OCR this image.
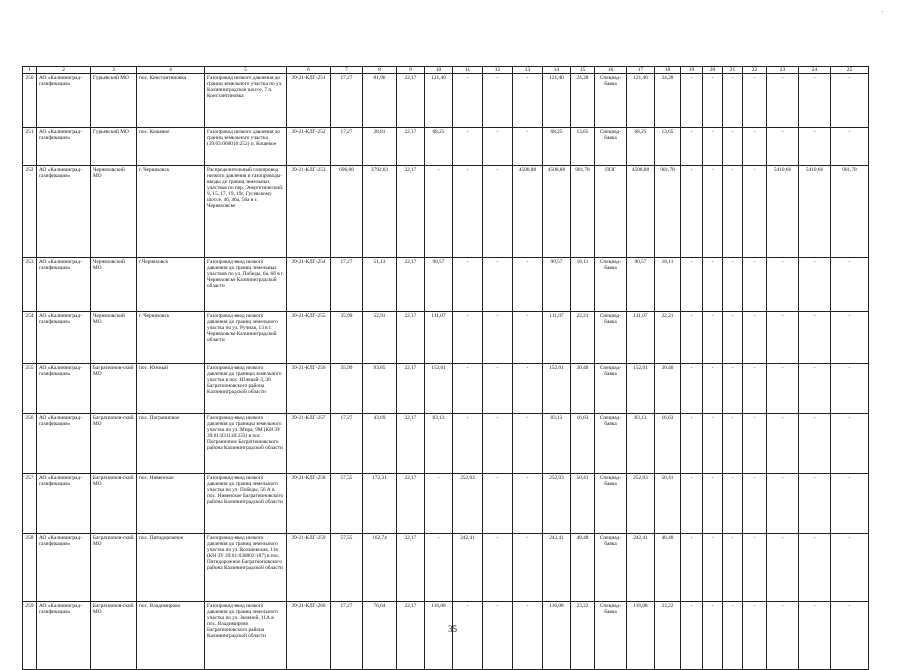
.
1	2	3	4	5	6	7	8	9	10	11	12	13	14	15	16	17	18	19	20	21	22	23	24	25
250	АО «Калининград-газификация»	Гурьевский МО	пос. Константиновка	Газопровод низкого давления до границ земельного участка по ул. Калининградское шоссе, 7 п. Константиновка	39-21-КЛГ-251	17,27	81,96	22,17	121,40	-	-	-	121,40	24,28	Специад-бавка	121,40	24,28	-	-	-	-	-	-	-
251	АО «Калининград-газификация»	Гурьевский МО	пос. Кошевое	Газопровод низкого давления до границ земельного участка (39:03:060016:252) п. Кошевое	39-21-КЛГ-252	17,27	28,81	22,17	68,25	-	-	-	68,25	13,65	Специад-бавка	68,25	13,65	-	-	-	-	-	-	-
252	АО «Калининград-газификация»	Черняховский МО	г. Черняховск	Распределительный газопровод низкого давления и газопроводы-вводы до границ земельных участков по пер. Энергетический, 9, 15, 17, 19, 19г, Гусевскому шоссе, 46, 46а, 56а в г. Черняховске	39-21-КЛГ-253	696,68	3792,03	22,17	-	-	-	4508,88	4508,88	901,78	ПОГ	4508,88	901,78	-	-	-	-	5410,66	5410,66	901,78
253	АО «Калининград-газификация»	Черняховский МО	г.Черняховск	Газопровод-ввод низкого давления до границ земельных участков по ул. Победы, 6а, 6б в г. Черняховске Калининградской области	39-21-КЛГ-254	17,27	51,13	22,17	90,57	-	-	-	90,57	18,11	Специад-бавка	90,57	18,11	-	-	-	-	-	-	-
254	АО «Калининград-газификация»	Черняховский МО	г. Черняховск	Газопровод-ввод низкого давления до границ земельного участка по ул. Ручная, 13 в г. Черняховске Калининградской области	39-21-КЛГ-255	35,99	52,91	22,17	111,07	-	-	-	111,07	22,21	Специад-бавка	111,07	22,21	-	-	-	-	-	-	-
255	АО «Калининград-газификация»	Багратионов-ский МО	пос. Южный	Газопровод-ввод низкого давления до границы земельного участка в пос. Южный-3, 30 Багратионовского района Калининградской области	39-21-КЛГ-256	35,99	93,85	22,17	152,01	-	-	-	152,01	30,40	Специад-бавка	152,01	30,40	-	-	-	-	-	-	-
256	АО «Калининград-газификация»	Багратионов-ский МО	пос. Пограничное	Газопровод-ввод низкого давления до границы земельного участка по ул. Мира, 9М (КН ЗУ 39:01:031118:233) в пос. Пограничное Багратионовского района Калининградской области	39-21-КЛГ-257	17,27	43,69	22,17	83,13	-	-	-	83,13	16,63	Специад-бавка	83,13	16,63	-	-	-	-	-	-	-
257	АО «Калининград-газификация»	Багратионов-ский МО	пос. Нивенское	Газопровод-ввод низкого давления до границ земельного участка по ул. Победы, 56 А в пос. Нивенское Багратионовского района Калининградской области	39-21-КЛГ-258	57,55	172,31	22,17	-	252,03	-	-	252,03	50,41	Специад-бавка	252,03	50,41	-	-	-	-	-	-	-
258	АО «Калининград-газификация»	Багратионов-ский МО	пос. Пятидорожное	Газопровод-ввод низкого давления до границ земельного участка по ул. Кольчевская, 11в (КН ЗУ 39:01:030802:187) в пос. Пятидорожное Багратионовского района Калининградской области	39-21-КЛГ-259	57,55	162,74	22,17	-	242,41	-	-	242,41	48,48	Специад-бавка	242,41	48,48	-	-	-	-	-	-	-
259	АО «Калининград-газификация»	Багратионов-ский МО	пос. Владимирово	Газопровод-ввод низкого давления до границ земельного участка по ул. Зеленой, 11А в пос. Владимирово Багратионовского района Калининградской области	39-21-КЛГ-260	17,27	76,64	22,17	116,08	-	-	-	116,08	23,22	Специад-бавка	116,08	23,22	-	-	-	-	-	-	-
35
